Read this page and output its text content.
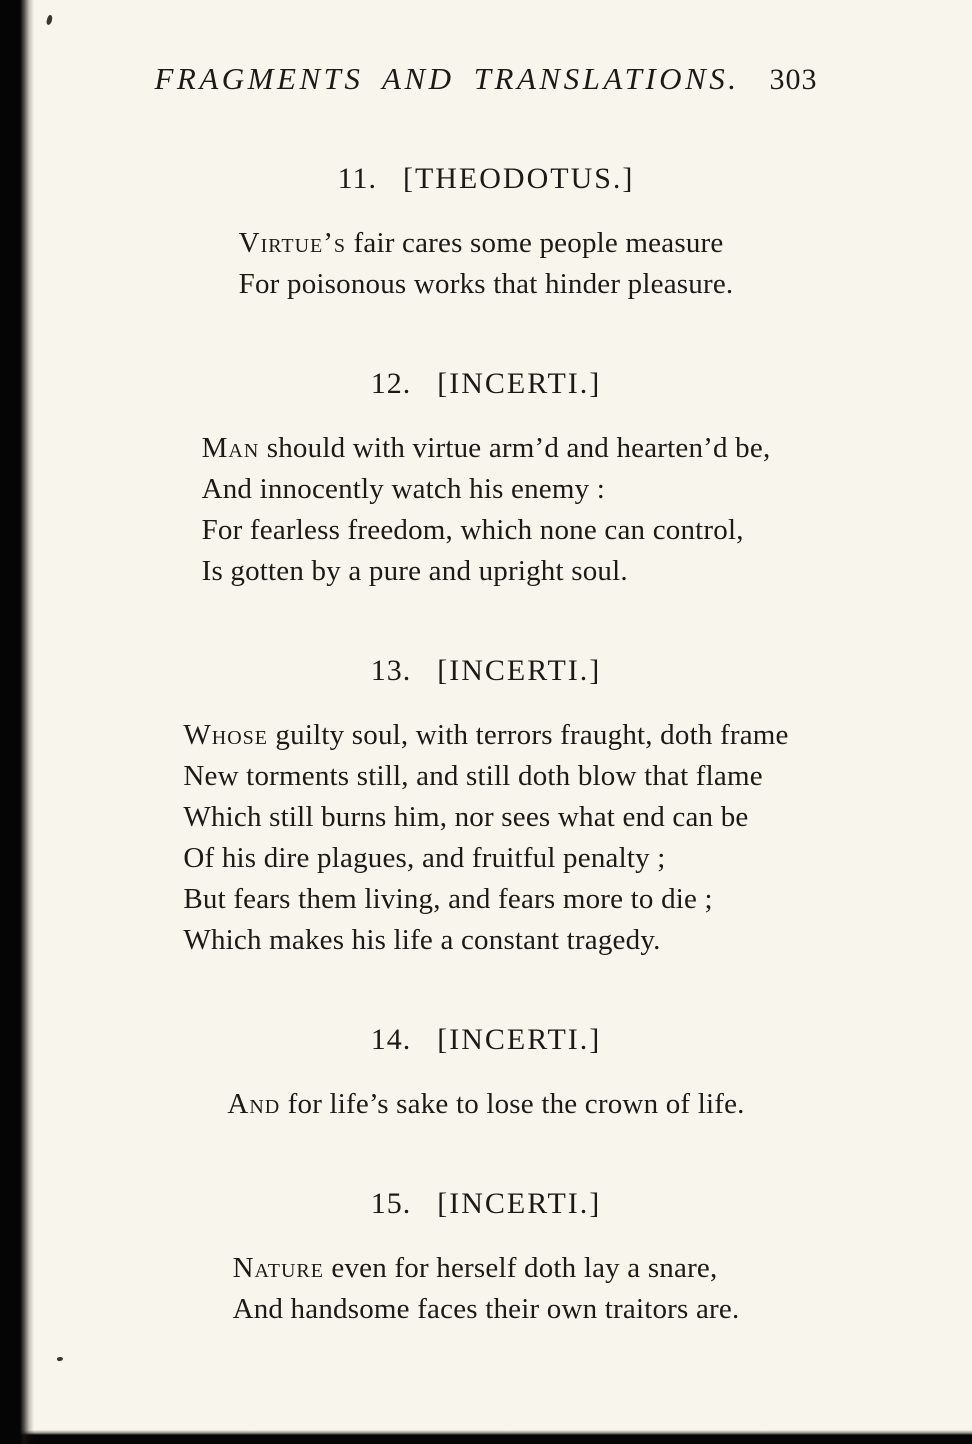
FRAGMENTS AND TRANSLATIONS. 303
11. [THEODOTUS.]
Virtue’s fair cares some people measure
For poisonous works that hinder pleasure.
12. [INCERTI.]
Man should with virtue arm’d and hearten’d be,
And innocently watch his enemy :
For fearless freedom, which none can control,
Is gotten by a pure and upright soul.
13. [INCERTI.]
Whose guilty soul, with terrors fraught, doth frame
New torments still, and still doth blow that flame
Which still burns him, nor sees what end can be
Of his dire plagues, and fruitful penalty ;
But fears them living, and fears more to die ;
Which makes his life a constant tragedy.
14. [INCERTI.]
And for life’s sake to lose the crown of life.
15. [INCERTI.]
Nature even for herself doth lay a snare,
And handsome faces their own traitors are.
